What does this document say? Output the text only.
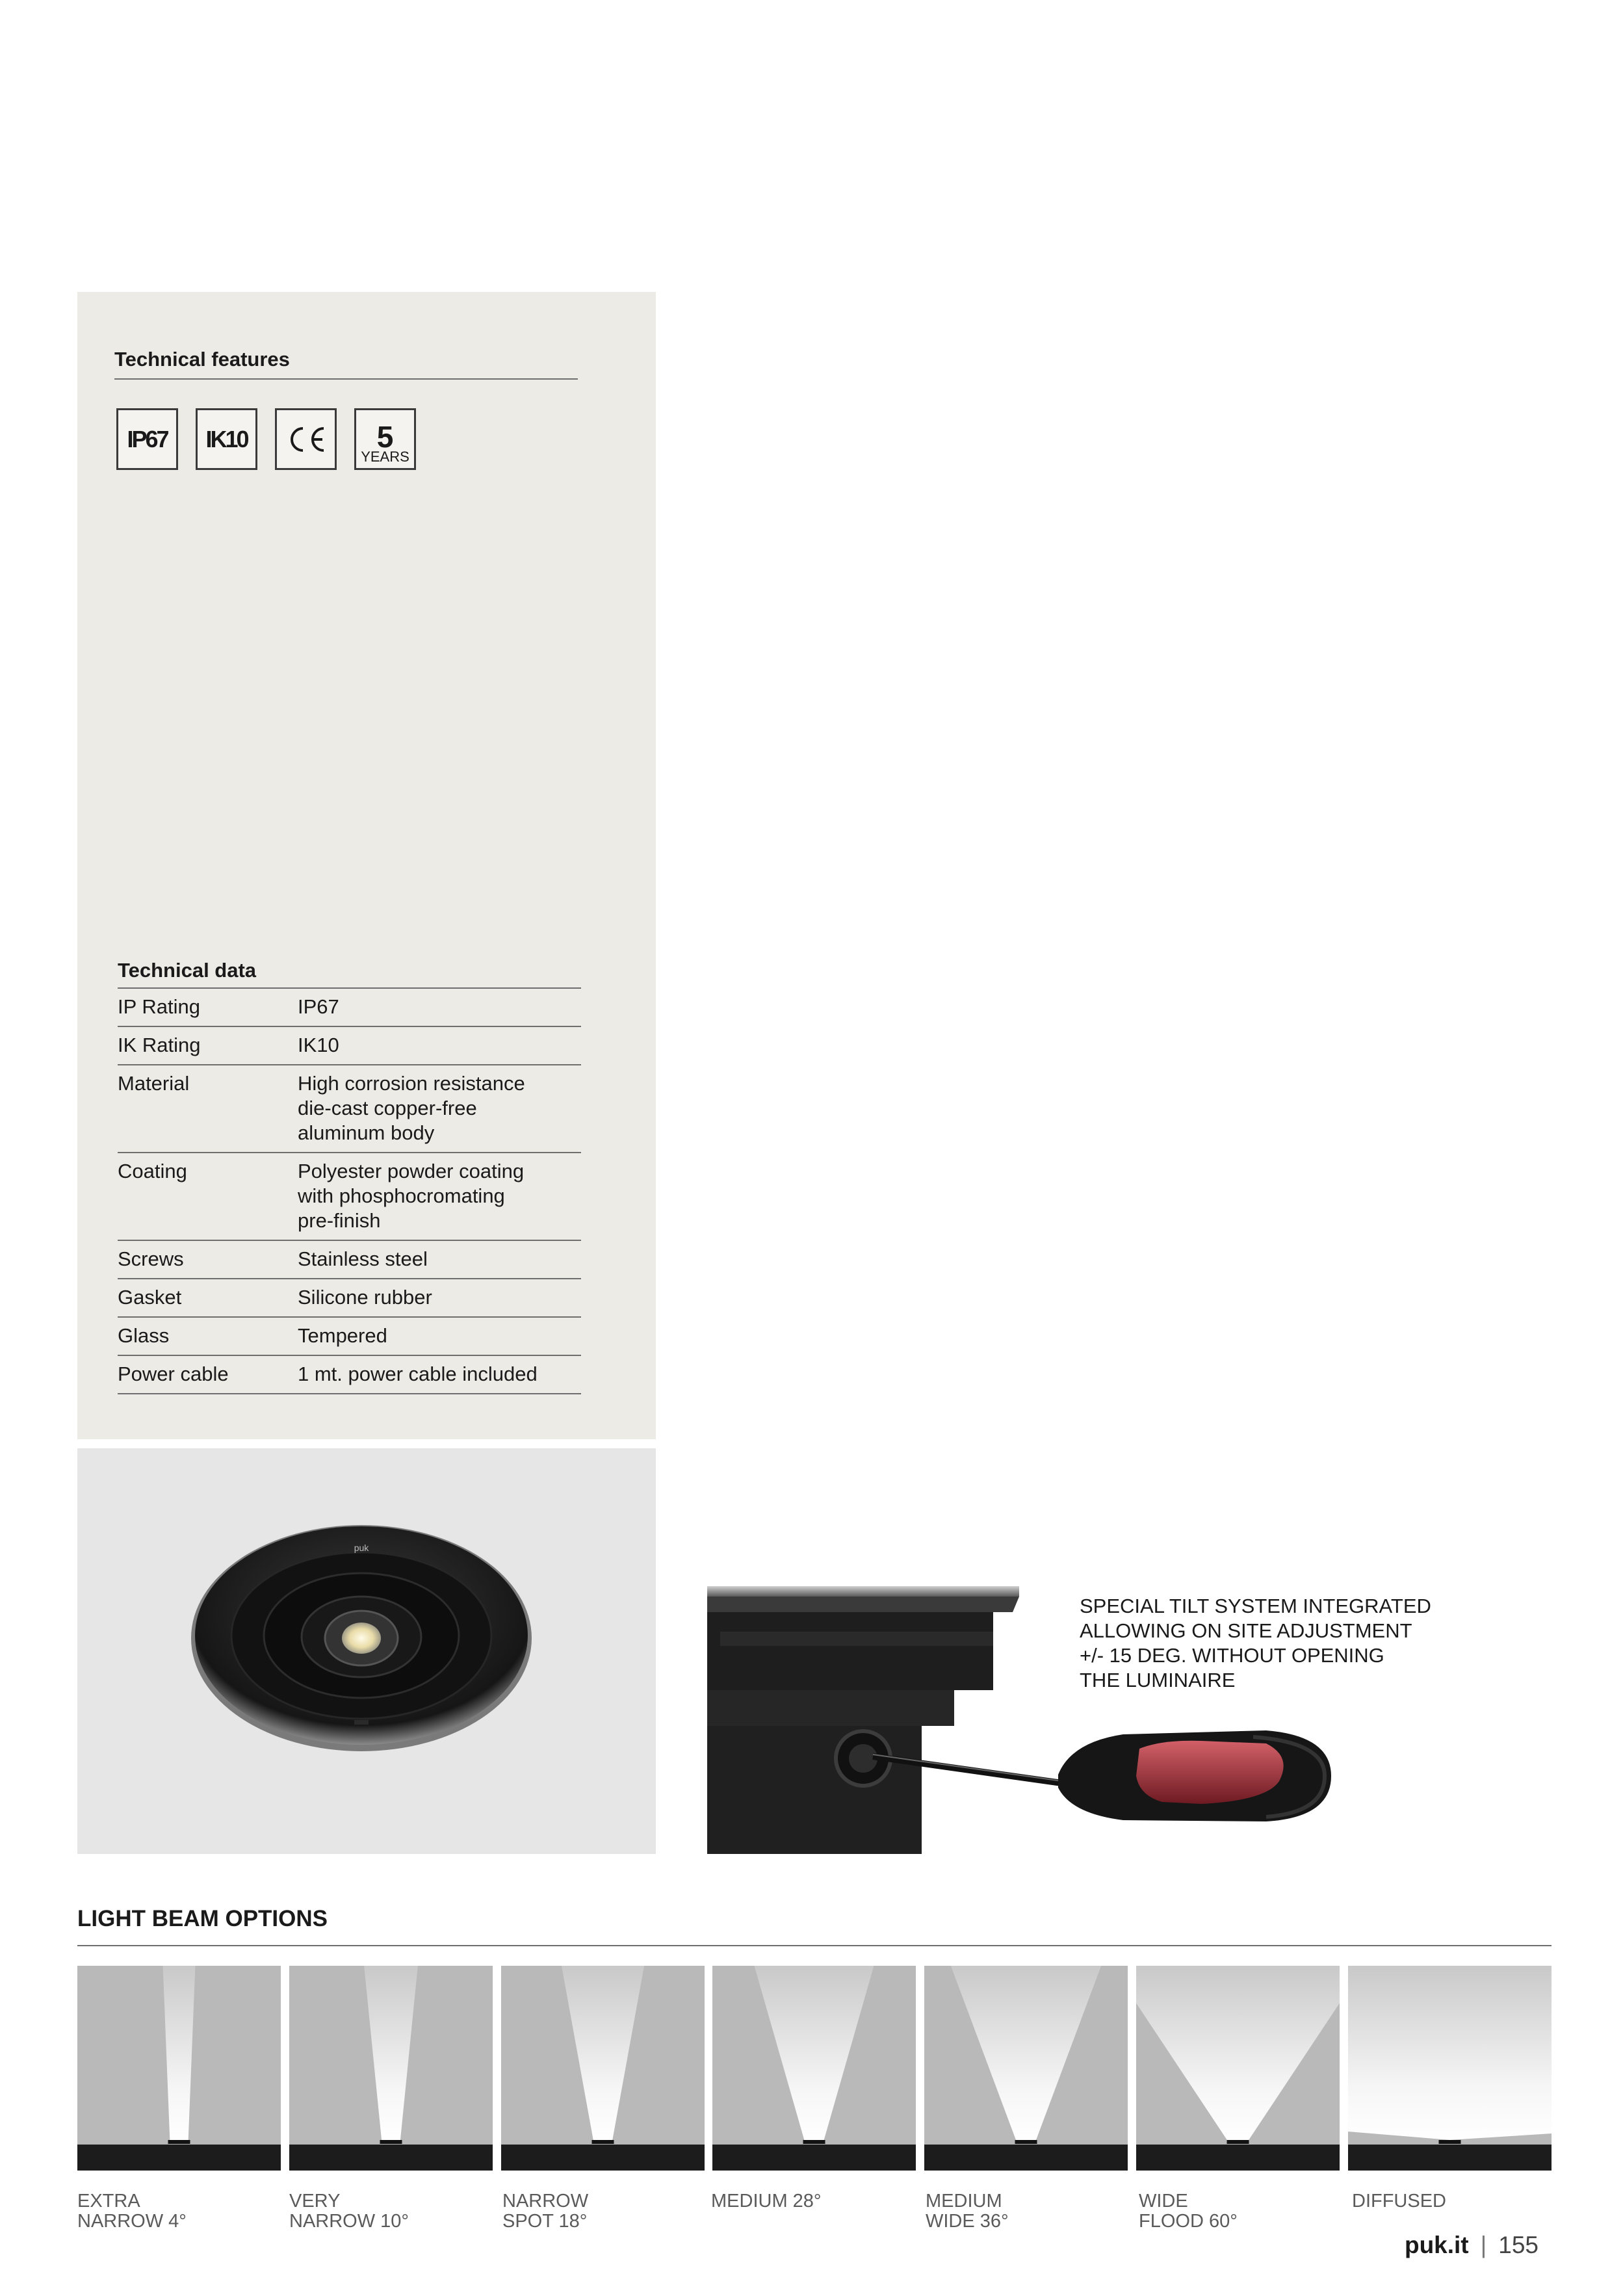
Technical features
IP67 IK10	5
YEARS
Technical data
IP Rating	IP67

IK Rating	IK10

Material	High corrosion resistance
die-cast copper-free
aluminum body

Coating	Polyester powder coating
with phosphocromating
pre-finish

Screws	Stainless steel

Gasket	Silicone rubber

Glass	Tempered

Power cable	1 mt. power cable included
puk
SPECIAL TILT SYSTEM INTEGRATED
ALLOWING ON SITE ADJUSTMENT
+/- 15 DEG. WITHOUT OPENING
THE LUMINAIRE
LIGHT BEAM OPTIONS
EXTRA
NARROW 4°
VERY
NARROW 10°
NARROW
SPOT 18°
MEDIUM 28°	MEDIUM
WIDE 36°
WIDE
FLOOD 60°
DIFFUSED
puk.it | 155
